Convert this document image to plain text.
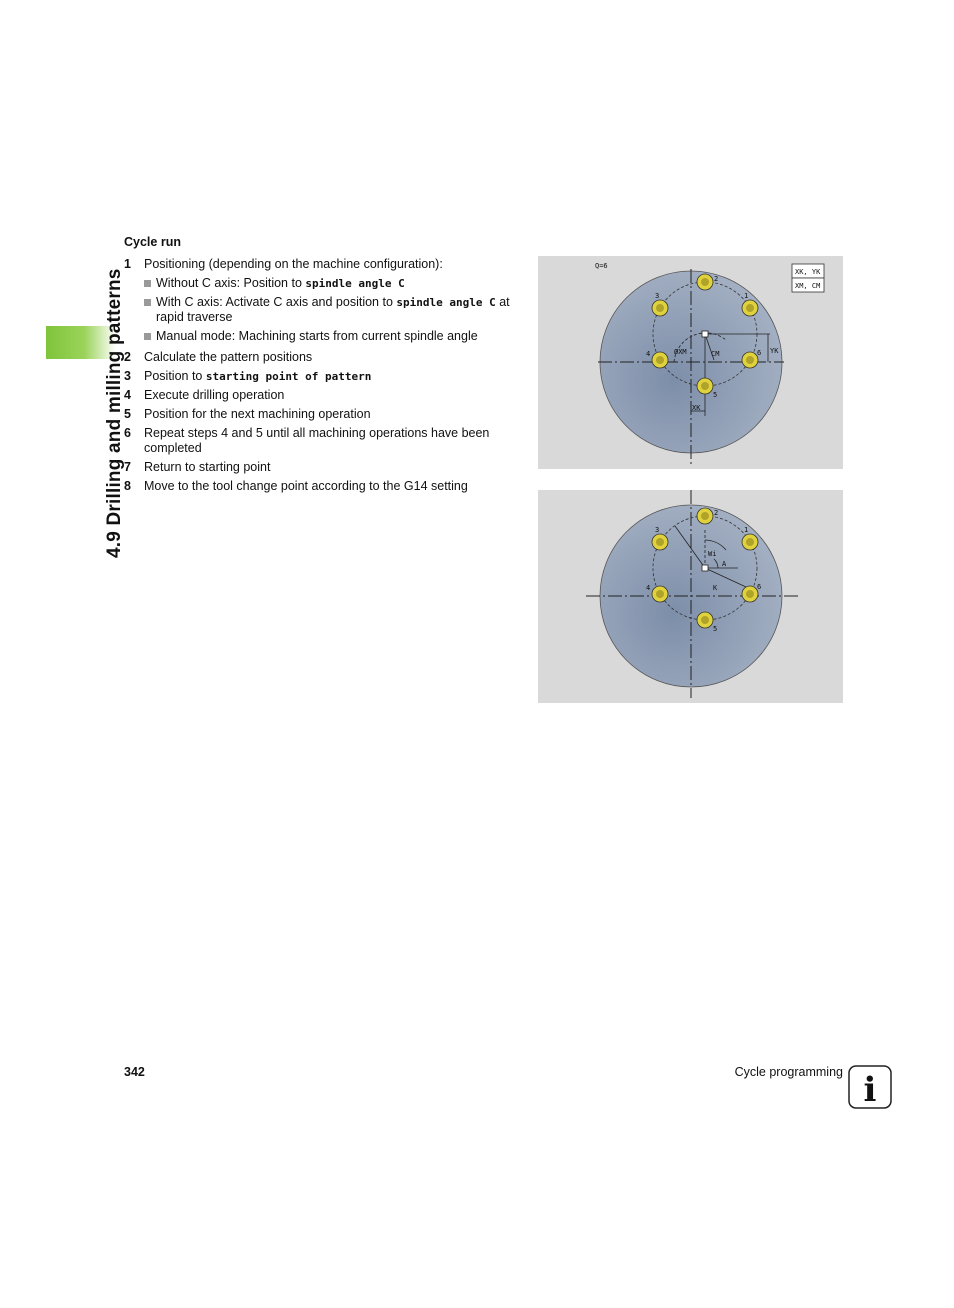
4.9 Drilling and milling patterns
Cycle run
1 Positioning (depending on the machine configuration):
Without C axis: Position to spindle angle C
With C axis: Activate C axis and position to spindle angle C at rapid traverse
Manual mode: Machining starts from current spindle angle
2 Calculate the pattern positions
3 Position to starting point of pattern
4 Execute drilling operation
5 Position for the next machining operation
6 Repeat steps 4 and 5 until all machining operations have been completed
7 Return to starting point
8 Move to the tool change point according to the G14 setting
1
2
3
4
5
6
Q=6
ØXM	CM
XK
YK
XK, YK
XM, CM
1
2
3
4
5
6
Wi
A
K
342	Cycle programming i
